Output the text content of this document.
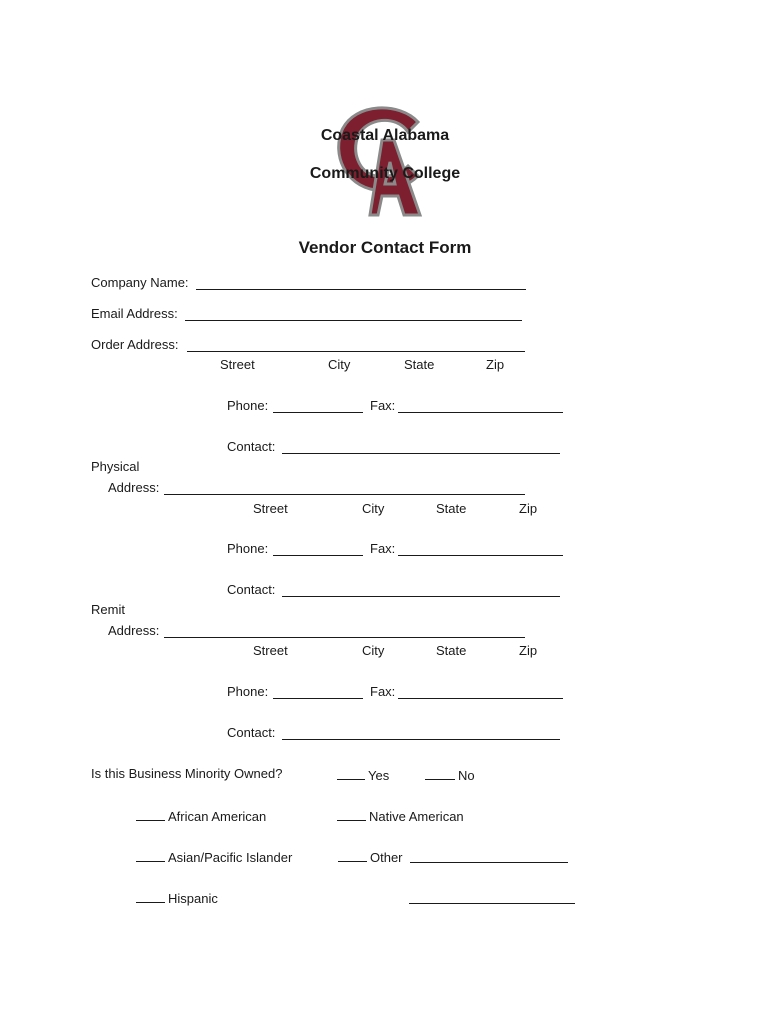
Coastal Alabama
Community College
Vendor Contact Form
Company Name:
Email Address:
Order Address:
Street	City	State	Zip
Phone:	Fax:
Contact:
Physical
Address:
Street	City	State	Zip
Phone:	Fax:
Contact:
Remit
Address:
Street	City	State	Zip
Phone:	Fax:
Contact:
Is this Business Minority Owned?	Yes	No
African American	Native American
Asian/Pacific Islander	Other
Hispanic
